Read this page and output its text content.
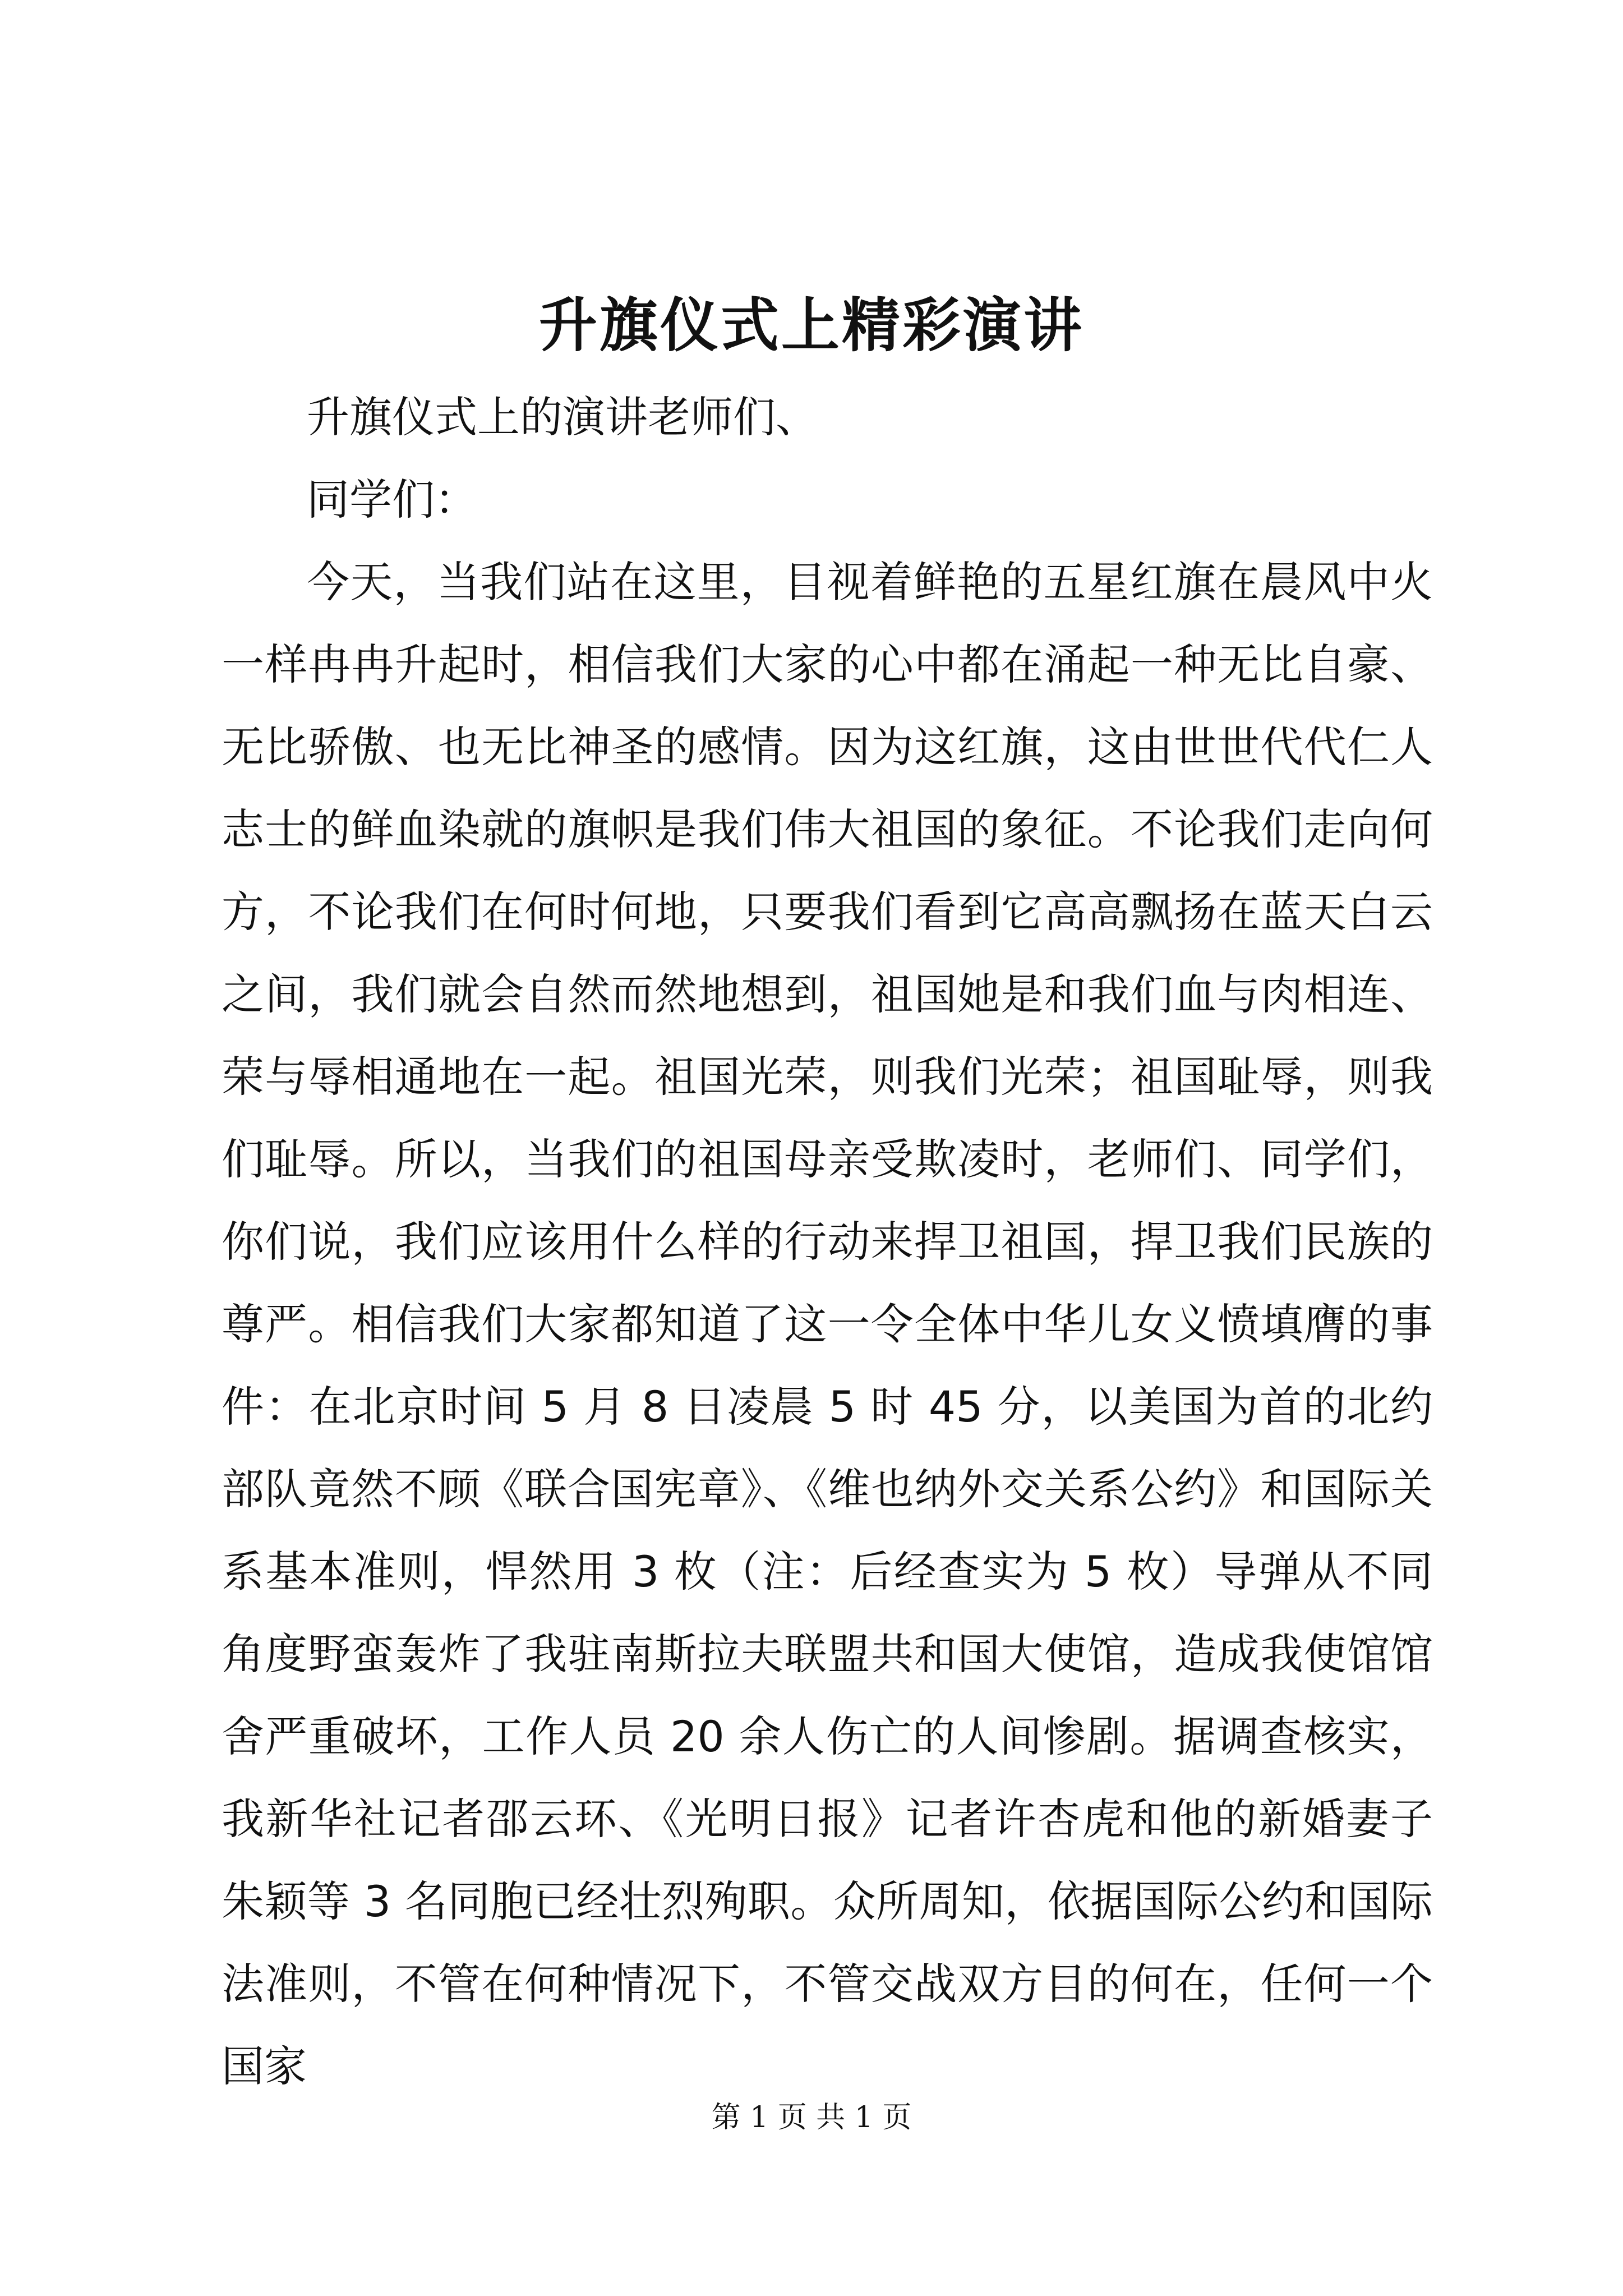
升旗仪式上精彩演讲

升旗仪式上的演讲老师们、

同学们：

今天，当我们站在这里，目视着鲜艳的五星红旗在晨风中火一样冉冉升起时，相信我们大家的心中都在涌起一种无比自豪、无比骄傲、也无比神圣的感情。因为这红旗，这由世世代代仁人志士的鲜血染就的旗帜是我们伟大祖国的象征。不论我们走向何方，不论我们在何时何地，只要我们看到它高高飘扬在蓝天白云之间，我们就会自然而然地想到，祖国她是和我们血与肉相连、荣与辱相通地在一起。祖国光荣，则我们光荣；祖国耻辱，则我们耻辱。所以，当我们的祖国母亲受欺凌时，老师们、同学们，你们说，我们应该用什么样的行动来捍卫祖国，捍卫我们民族的尊严。相信我们大家都知道了这一令全体中华儿女义愤填膺的事件：在北京时间 5 月 8 日凌晨 5 时 45 分，以美国为首的北约部队竟然不顾《联合国宪章》、《维也纳外交关系公约》和国际关系基本准则，悍然用 3 枚（注：后经查实为 5 枚）导弹从不同角度野蛮轰炸了我驻南斯拉夫联盟共和国大使馆，造成我使馆馆舍严重破坏，工作人员 20 余人伤亡的人间惨剧。据调查核实，我新华社记者邵云环、《光明日报》记者许杏虎和他的新婚妻子朱颖等 3 名同胞已经壮烈殉职。众所周知，依据国际公约和国际法准则，不管在何种情况下，不管交战双方目的何在，任何一个国家

第 1 页 共 1 页
